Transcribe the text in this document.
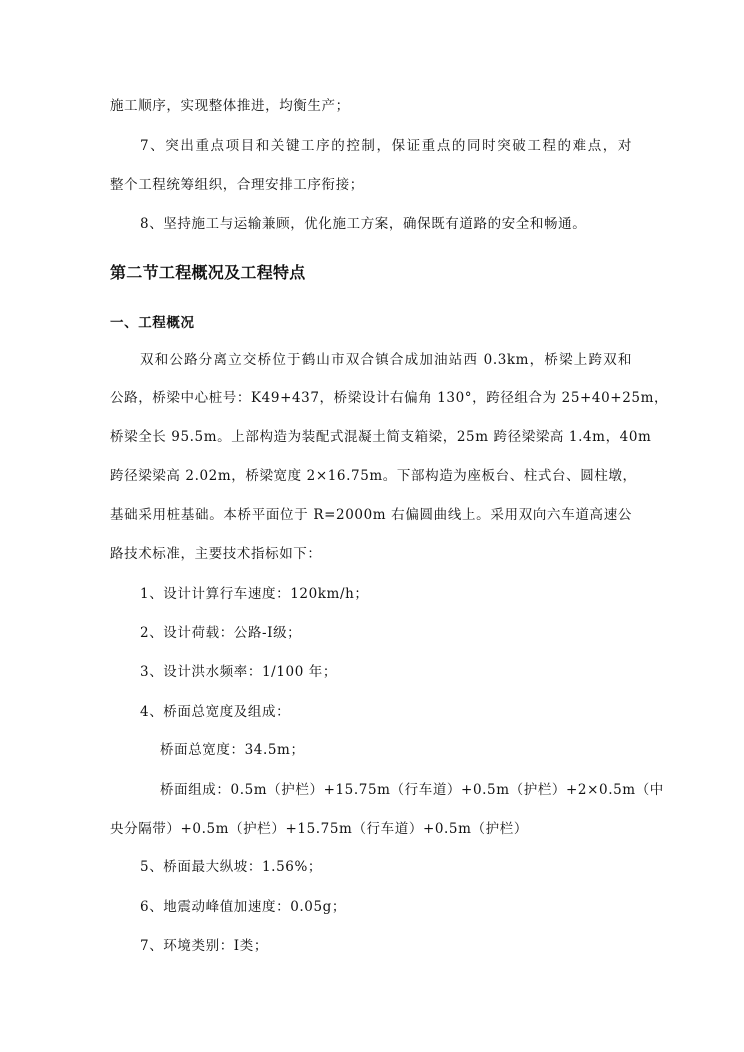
施工顺序，实现整体推进，均衡生产；
7、突出重点项目和关键工序的控制，保证重点的同时突破工程的难点，对
整个工程统筹组织，合理安排工序衔接；
8、坚持施工与运输兼顾，优化施工方案，确保既有道路的安全和畅通。
第二节工程概况及工程特点
一、工程概况
双和公路分离立交桥位于鹤山市双合镇合成加油站西 0.3km，桥梁上跨双和
公路，桥梁中心桩号：K49+437，桥梁设计右偏角 130°，跨径组合为 25+40+25m，
桥梁全长 95.5m。上部构造为装配式混凝土简支箱梁，25m 跨径梁梁高 1.4m，40m
跨径梁梁高 2.02m，桥梁宽度 2×16.75m。下部构造为座板台、柱式台、圆柱墩，
基础采用桩基础。本桥平面位于 R=2000m 右偏圆曲线上。采用双向六车道高速公
路技术标准，主要技术指标如下：
1、设计计算行车速度：120km/h；
2、设计荷载：公路-Ⅰ级；
3、设计洪水频率：1/100 年；
4、桥面总宽度及组成：
桥面总宽度：34.5m；
桥面组成：0.5m（护栏）+15.75m（行车道）+0.5m（护栏）+2×0.5m（中
央分隔带）+0.5m（护栏）+15.75m（行车道）+0.5m（护栏）
5、桥面最大纵坡：1.56%；
6、地震动峰值加速度：0.05g；
7、环境类别：Ⅰ类；
